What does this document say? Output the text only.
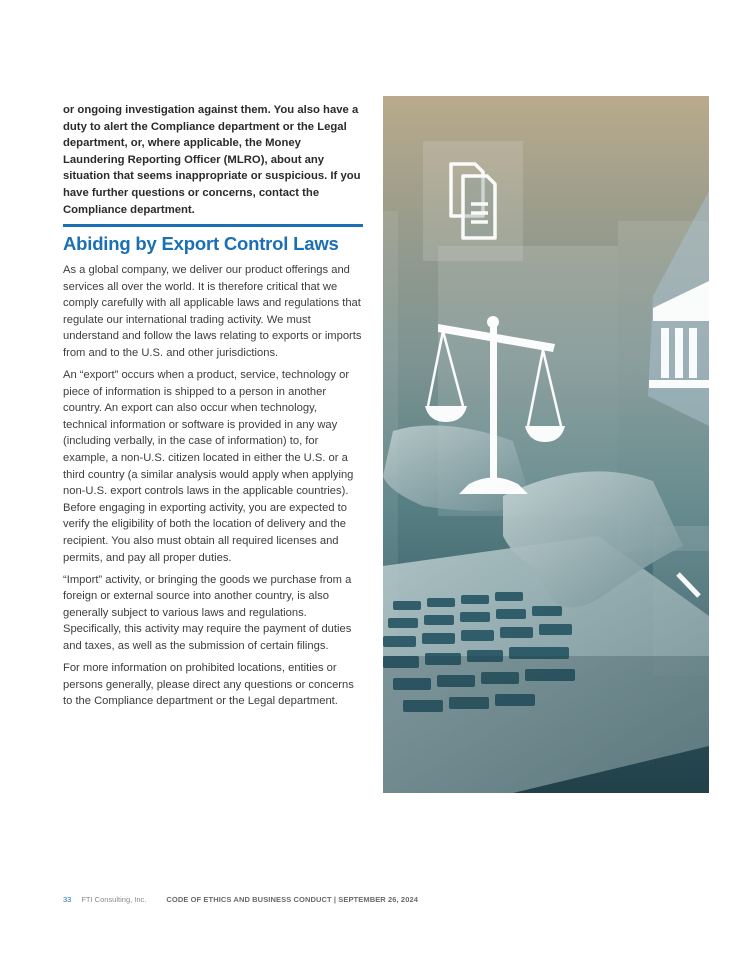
or ongoing investigation against them. You also have a duty to alert the Compliance department or the Legal department, or, where applicable, the Money Laundering Reporting Officer (MLRO), about any situation that seems inappropriate or suspicious. If you have further questions or concerns, contact the Compliance department.
Abiding by Export Control Laws

As a global company, we deliver our product offerings and services all over the world. It is therefore critical that we comply carefully with all applicable laws and regulations that regulate our international trading activity. We must understand and follow the laws relating to exports or imports from and to the U.S. and other jurisdictions.

An “export” occurs when a product, service, technology or piece of information is shipped to a person in another country. An export can also occur when technology, technical information or software is provided in any way (including verbally, in the case of information) to, for example, a non-U.S. citizen located in either the U.S. or a third country (a similar analysis would apply when applying non-U.S. export controls laws in the applicable countries). Before engaging in exporting activity, you are expected to verify the eligibility of both the location of delivery and the recipient. You also must obtain all required licenses and permits, and pay all proper duties.

“Import” activity, or bringing the goods we purchase from a foreign or external source into another country, is also generally subject to various laws and regulations. Specifically, this activity may require the payment of duties and taxes, as well as the submission of certain filings.

For more information on prohibited locations, entities or persons generally, please direct any questions or concerns to the Compliance department or the Legal department.

33 FTI Consulting, Inc.	CODE OF ETHICS AND BUSINESS CONDUCT | SEPTEMBER 26, 2024
